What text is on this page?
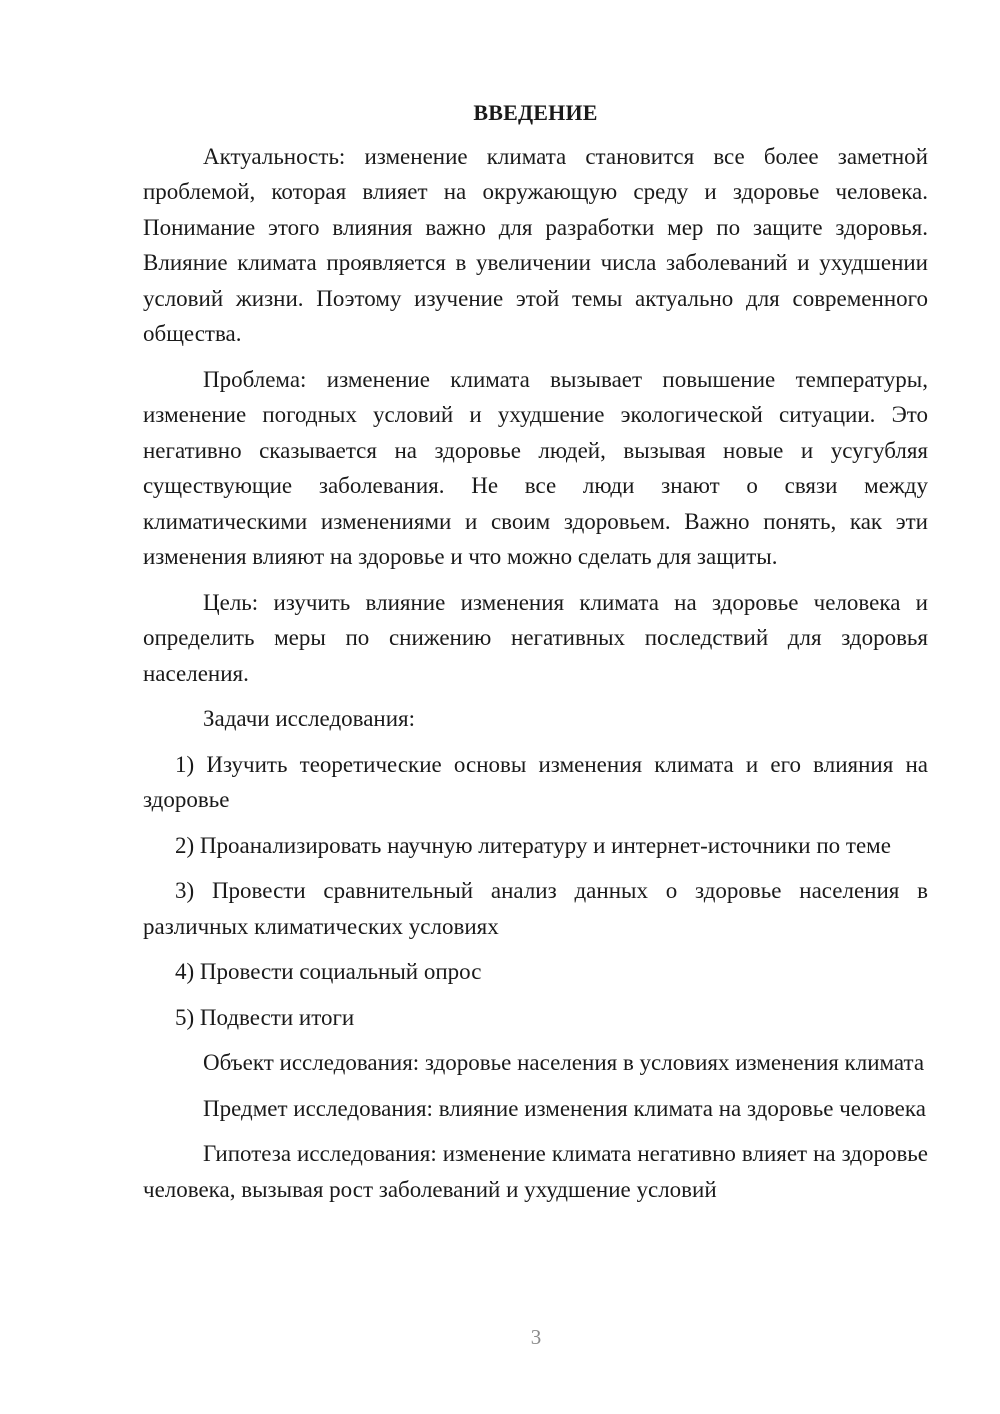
ВВЕДЕНИЕ

Актуальность: изменение климата становится все более заметной проблемой, которая влияет на окружающую среду и здоровье человека. Понимание этого влияния важно для разработки мер по защите здоровья. Влияние климата проявляется в увеличении числа заболеваний и ухудшении условий жизни. Поэтому изучение этой темы актуально для современного общества.

Проблема: изменение климата вызывает повышение температуры, изменение погодных условий и ухудшение экологической ситуации. Это негативно сказывается на здоровье людей, вызывая новые и усугубляя существующие заболевания. Не все люди знают о связи между климатическими изменениями и своим здоровьем. Важно понять, как эти изменения влияют на здоровье и что можно сделать для защиты.

Цель: изучить влияние изменения климата на здоровье человека и определить меры по снижению негативных последствий для здоровья населения.

Задачи исследования:

1) Изучить теоретические основы изменения климата и его влияния на здоровье

2) Проанализировать научную литературу и интернет-источники по теме

3) Провести сравнительный анализ данных о здоровье населения в различных климатических условиях

4) Провести социальный опрос

5) Подвести итоги

Объект исследования: здоровье населения в условиях изменения климата

Предмет исследования: влияние изменения климата на здоровье человека

Гипотеза исследования: изменение климата негативно влияет на здоровье человека, вызывая рост заболеваний и ухудшение условий

3
